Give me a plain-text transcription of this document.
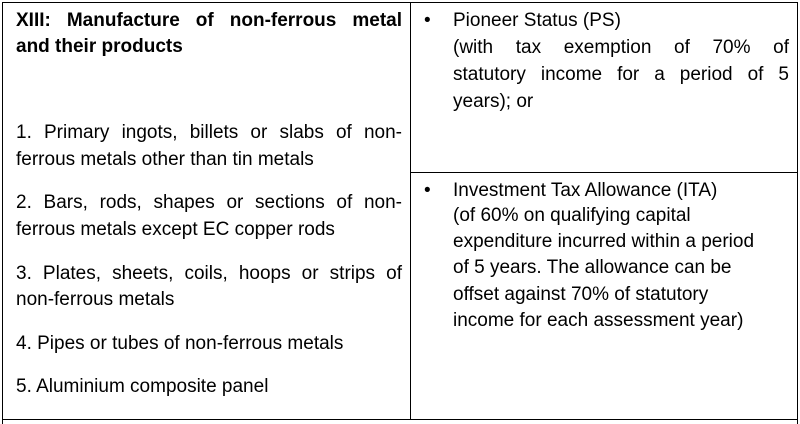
XIII: Manufacture of non-ferrous metal
and their products
1. Primary ingots, billets or slabs of non-
ferrous metals other than tin metals
2. Bars, rods, shapes or sections of non-
ferrous metals except EC copper rods
3. Plates, sheets, coils, hoops or strips of
non-ferrous metals
4. Pipes or tubes of non-ferrous metals
5. Aluminium composite panel
• Pioneer Status (PS)
(with tax exemption of 70% of
statutory income for a period of 5
years); or
• Investment Tax Allowance (ITA)
(of 60% on qualifying capital
expenditure incurred within a period
of 5 years. The allowance can be
offset against 70% of statutory
income for each assessment year)
